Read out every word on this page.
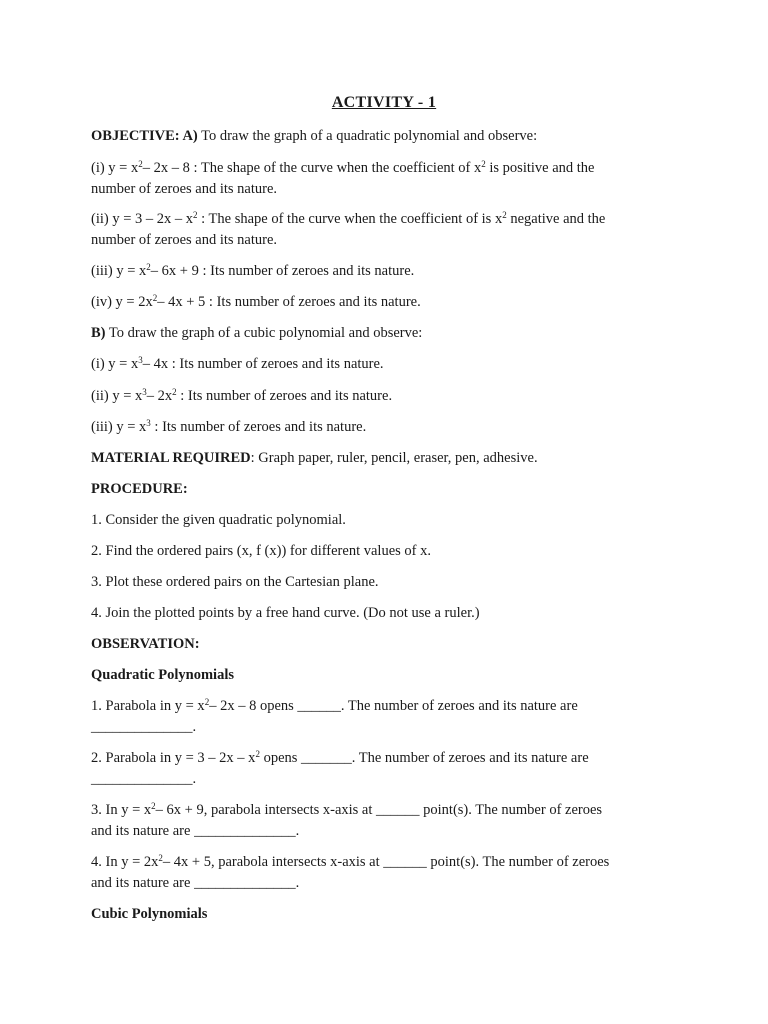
ACTIVITY - 1
OBJECTIVE: A) To draw the graph of a quadratic polynomial and observe:
(i) $y = x^2-$ 2x – 8 : The shape of the curve when the coefficient of $x^2$ is positive and the
number of zeroes and its nature.
(ii) $y = 3 - 2x - x^2$ : The shape of the curve when the coefficient of is $x^2$ negative and the
number of zeroes and its nature.
(iii) $y = x^2-$ 6x + 9 : Its number of zeroes and its nature.
(iv) $y = 2x^2-$ 4x + 5 : Its number of zeroes and its nature.
B) To draw the graph of a cubic polynomial and observe:
(i) $y = x^3-$ 4x : Its number of zeroes and its nature.
(ii) $y = x^3-$ $2x^2$ : Its number of zeroes and its nature.
(iii) $y = x^3$ : Its number of zeroes and its nature.
MATERIAL REQUIRED: Graph paper, ruler, pencil, eraser, pen, adhesive.
PROCEDURE:
1. Consider the given quadratic polynomial.
2. Find the ordered pairs (x, f (x)) for different values of x.
3. Plot these ordered pairs on the Cartesian plane.
4. Join the plotted points by a free hand curve. (Do not use a ruler.)
OBSERVATION:
Quadratic Polynomials
1. Parabola in $y = x^2-$ 2x – 8 opens ______. The number of zeroes and its nature are
______________.
2. Parabola in $y = 3 - 2x - x^2$ opens _______. The number of zeroes and its nature are
______________.
3. In $y = x^2-$ 6x + 9, parabola intersects x-axis at ______ point(s). The number of zeroes
and its nature are ______________.
4. In $y = 2x^2-$ 4x + 5, parabola intersects x-axis at ______ point(s). The number of zeroes
and its nature are ______________.
Cubic Polynomials
